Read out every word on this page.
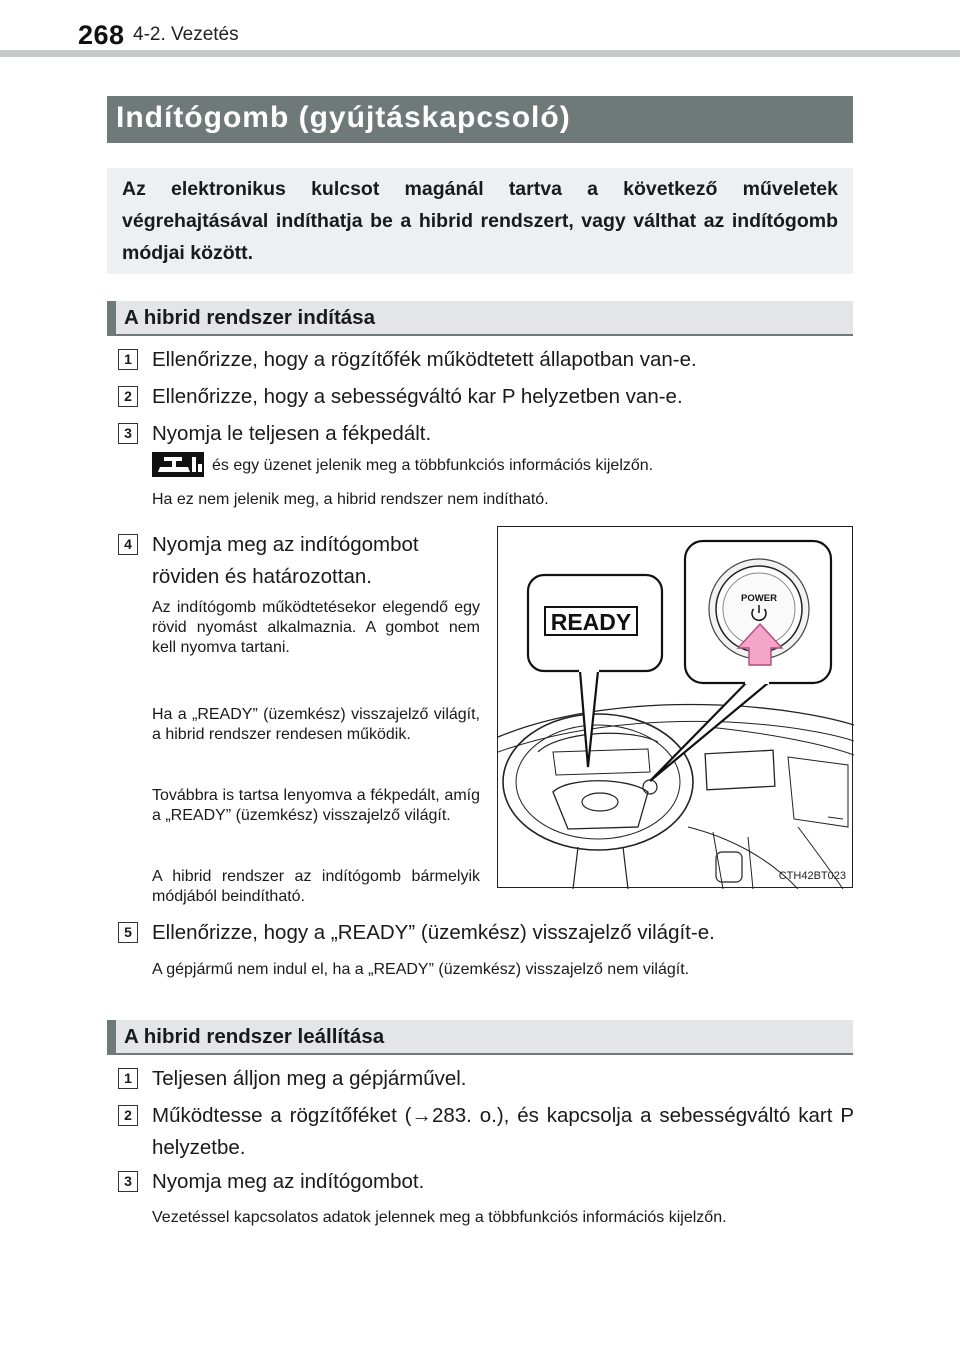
268 4-2. Vezetés
Indítógomb (gyújtáskapcsoló)

Az elektronikus kulcsot magánál tartva a következő műveletek végrehajtásával indíthatja be a hibrid rendszert, vagy válthat az indítógomb módjai között.

A hibrid rendszer indítása
1 Ellenőrizze, hogy a rögzítőfék működtetett állapotban van-e.
2 Ellenőrizze, hogy a sebességváltó kar P helyzetben van-e.
3 Nyomja le teljesen a fékpedált.
és egy üzenet jelenik meg a többfunkciós információs kijelzőn.
Ha ez nem jelenik meg, a hibrid rendszer nem indítható.
4 Nyomja meg az indítógombot
röviden és határozottan.
Az indítógomb működtetésekor elegendő egy rövid nyomást alkalmaznia. A gombot nem kell nyomva tartani.
Ha a „READY” (üzemkész) visszajelző világít, a hibrid rendszer rendesen működik.
Továbbra is tartsa lenyomva a fékpedált, amíg a „READY” (üzemkész) visszajelző világít.
A hibrid rendszer az indítógomb bármelyik módjából beindítható.
READY
POWER
CTH42BT023
5 Ellenőrizze, hogy a „READY” (üzemkész) visszajelző világít-e.
A gépjármű nem indul el, ha a „READY” (üzemkész) visszajelző nem világít.
A hibrid rendszer leállítása
1 Teljesen álljon meg a gépjárművel.
2 Működtesse a rögzítőféket (→283. o.), és kapcsolja a sebességváltó kart P helyzetbe.
3 Nyomja meg az indítógombot.
Vezetéssel kapcsolatos adatok jelennek meg a többfunkciós információs kijelzőn.
